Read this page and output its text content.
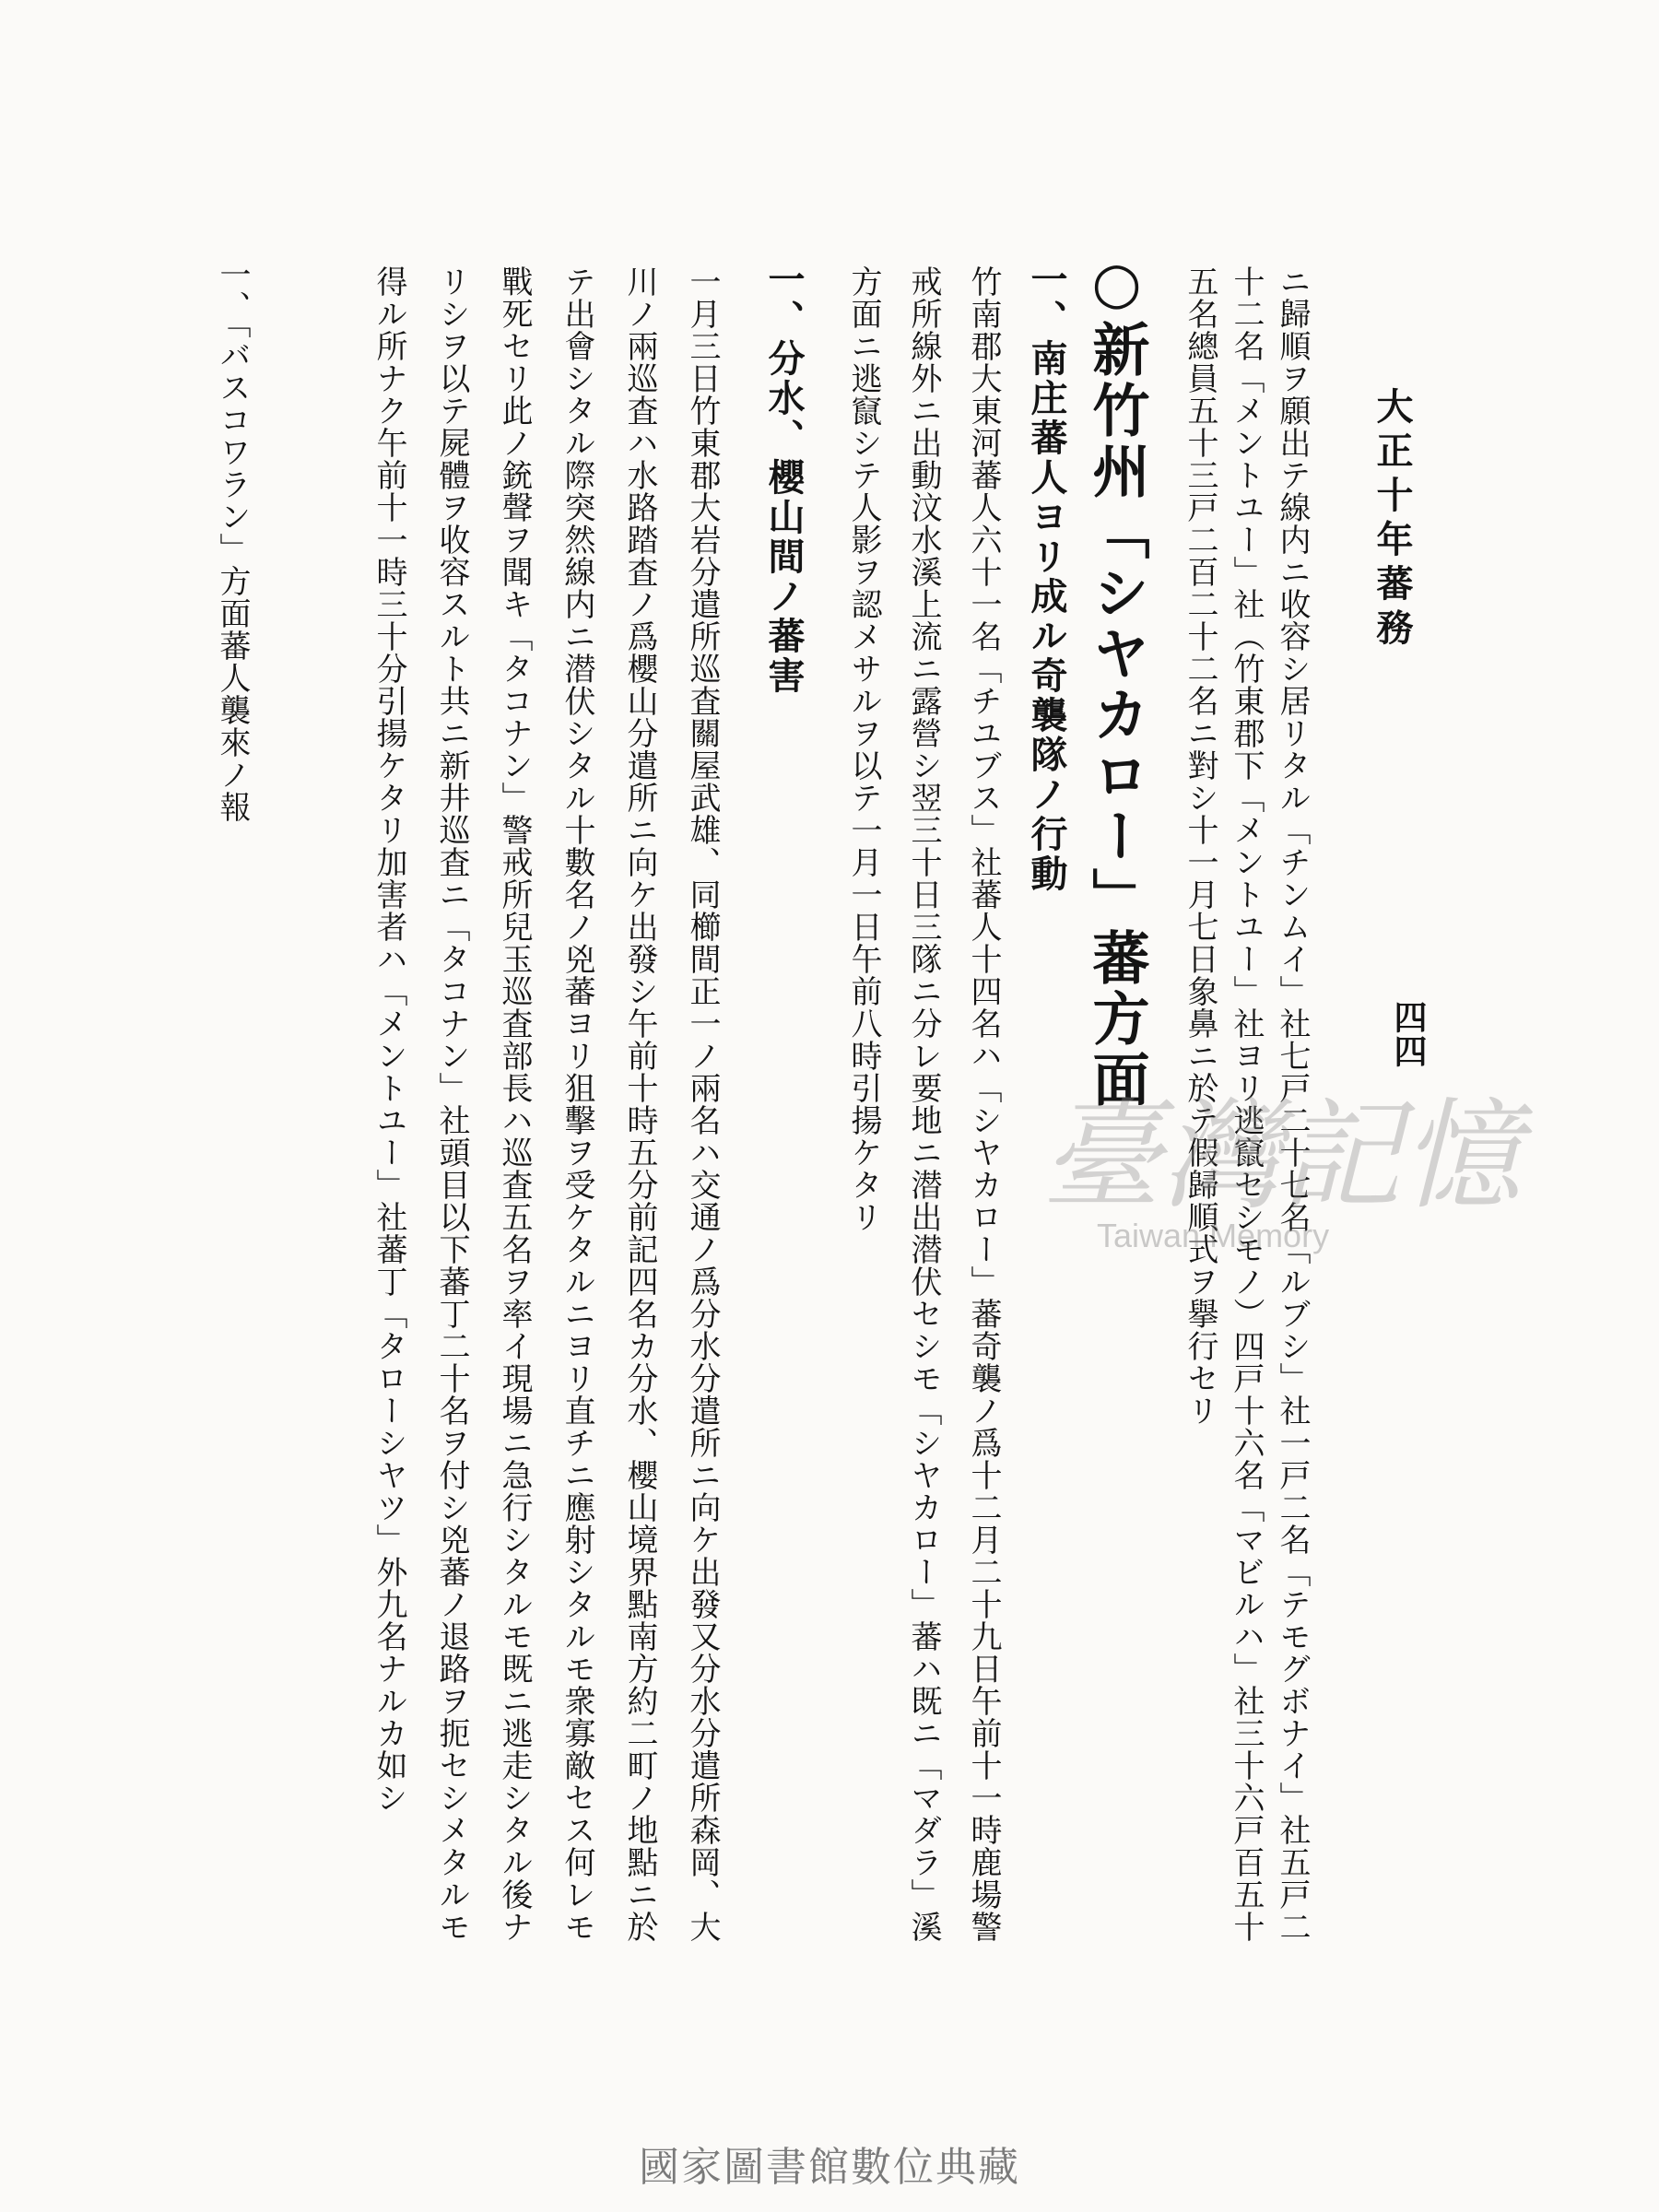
大正十年蕃務
四四
ニ歸順ヲ願出テ線内ニ收容シ居リタル「チンムイ」社七戸二十七名「ルブシ」社一戸二名「テモグボナイ」社五戸二
十二名「メントユー」社（竹東郡下「メントユー」社ヨリ逃竄セシモノ）四戸十六名「マビルハ」社三十六戸百五十
五名總員五十三戸二百二十二名ニ對シ十一月七日象鼻ニ於テ假歸順式ヲ擧行セリ
○新竹州「シヤカロー」蕃方面
一、南庄蕃人ヨリ成ル奇襲隊ノ行動
竹南郡大東河蕃人六十一名「チユブス」社蕃人十四名ハ「シヤカロー」蕃奇襲ノ爲十二月二十九日午前十一時鹿場警
戒所線外ニ出動汶水溪上流ニ露營シ翌三十日三隊ニ分レ要地ニ潜出潜伏セシモ「シヤカロー」蕃ハ既ニ「マダラ」溪
方面ニ逃竄シテ人影ヲ認メサルヲ以テ一月一日午前八時引揚ケタリ
一、分水、櫻山間ノ蕃害
一月三日竹東郡大岩分遣所巡査關屋武雄、同櫛間正一ノ兩名ハ交通ノ爲分水分遣所ニ向ケ出發又分水分遣所森岡、大
川ノ兩巡査ハ水路踏査ノ爲櫻山分遣所ニ向ケ出發シ午前十時五分前記四名カ分水、櫻山境界點南方約二町ノ地點ニ於
テ出會シタル際突然線内ニ潜伏シタル十數名ノ兇蕃ヨリ狙擊ヲ受ケタルニヨリ直チニ應射シタルモ衆寡敵セス何レモ
戰死セリ此ノ銃聲ヲ聞キ「タコナン」警戒所兒玉巡査部長ハ巡査五名ヲ率イ現場ニ急行シタルモ既ニ逃走シタル後ナ
リシヲ以テ屍體ヲ收容スルト共ニ新井巡査ニ「タコナン」社頭目以下蕃丁二十名ヲ付シ兇蕃ノ退路ヲ扼セシメタルモ
得ル所ナク午前十一時三十分引揚ケタリ加害者ハ「メントユー」社蕃丁「タローシヤツ」外九名ナルカ如シ
一、「バスコワラン」方面蕃人襲來ノ報
臺灣記憶
Taiwan Memory
國家圖書館數位典藏
